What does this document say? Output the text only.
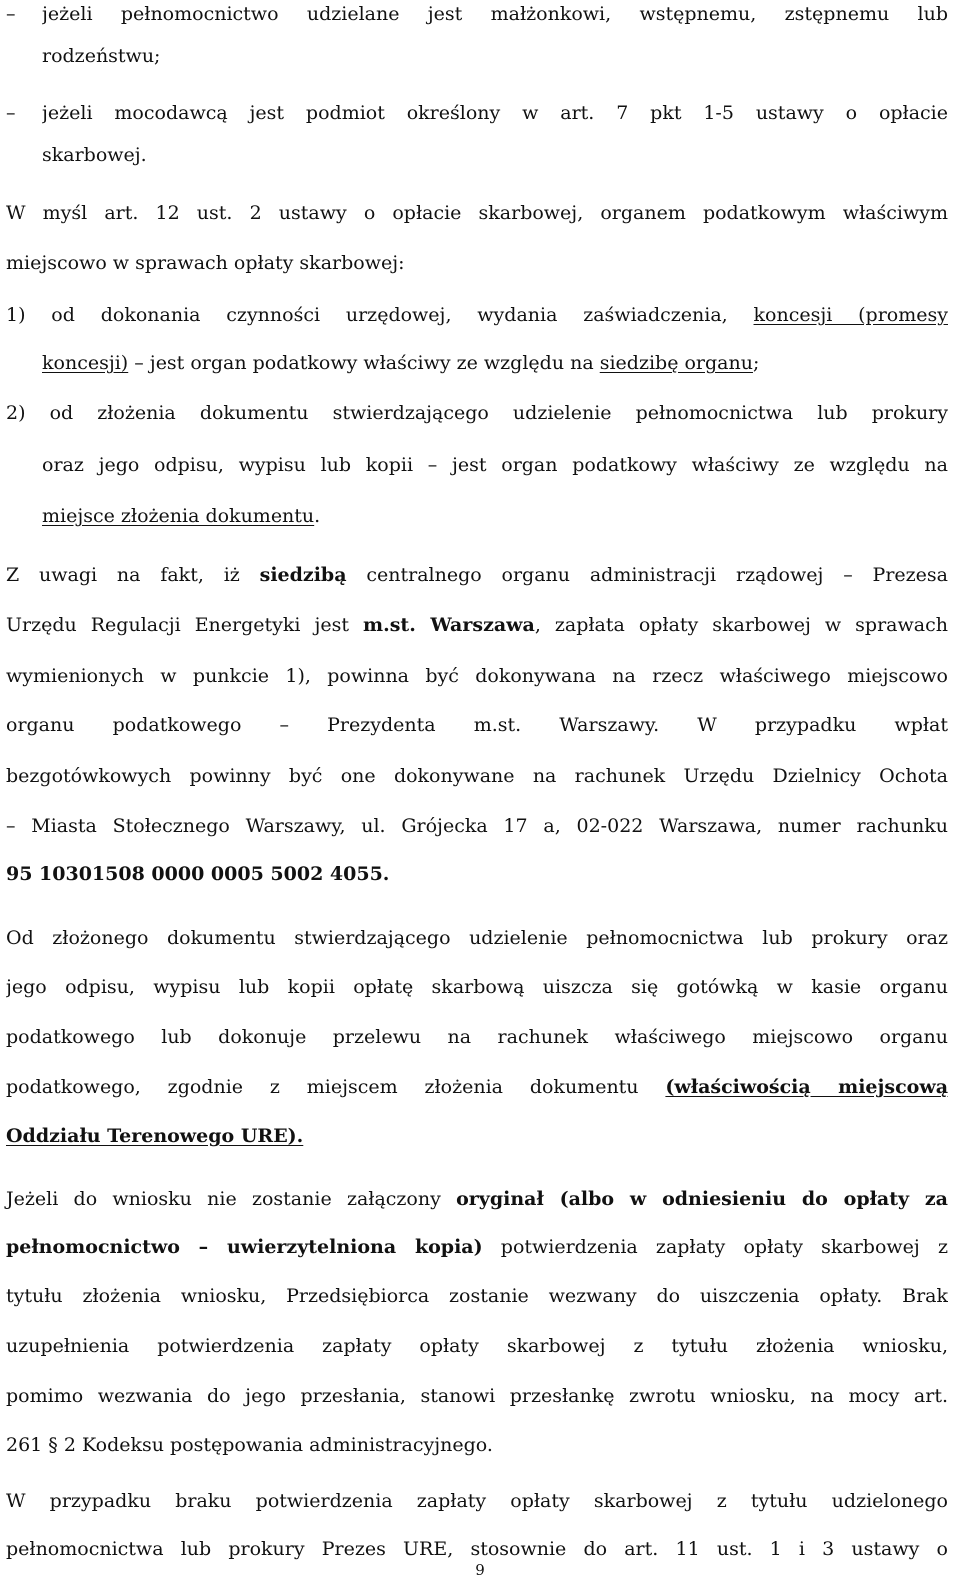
– jeżeli pełnomocnictwo udzielane jest małżonkowi, wstępnemu, zstępnemu lub
rodzeństwu;
– jeżeli mocodawcą jest podmiot określony w art. 7 pkt 1-5 ustawy o opłacie
skarbowej.
W myśl art. 12 ust. 2 ustawy o opłacie skarbowej, organem podatkowym właściwym
miejscowo w sprawach opłaty skarbowej:
1) od dokonania czynności urzędowej, wydania zaświadczenia, koncesji (promesy
koncesji) – jest organ podatkowy właściwy ze względu na siedzibę organu;
2) od złożenia dokumentu stwierdzającego udzielenie pełnomocnictwa lub prokury
oraz jego odpisu, wypisu lub kopii – jest organ podatkowy właściwy ze względu na
miejsce złożenia dokumentu.
Z uwagi na fakt, iż siedzibą centralnego organu administracji rządowej – Prezesa
Urzędu Regulacji Energetyki jest m.st. Warszawa, zapłata opłaty skarbowej w sprawach
wymienionych w punkcie 1), powinna być dokonywana na rzecz właściwego miejscowo
organu podatkowego – Prezydenta m.st. Warszawy. W przypadku wpłat
bezgotówkowych powinny być one dokonywane na rachunek Urzędu Dzielnicy Ochota
– Miasta Stołecznego Warszawy, ul. Grójecka 17 a, 02-022 Warszawa, numer rachunku
95 10301508 0000 0005 5002 4055.
Od złożonego dokumentu stwierdzającego udzielenie pełnomocnictwa lub prokury oraz
jego odpisu, wypisu lub kopii opłatę skarbową uiszcza się gotówką w kasie organu
podatkowego lub dokonuje przelewu na rachunek właściwego miejscowo organu
podatkowego, zgodnie z miejscem złożenia dokumentu (właściwością miejscową
Oddziału Terenowego URE).
Jeżeli do wniosku nie zostanie załączony oryginał (albo w odniesieniu do opłaty za
pełnomocnictwo – uwierzytelniona kopia) potwierdzenia zapłaty opłaty skarbowej z
tytułu złożenia wniosku, Przedsiębiorca zostanie wezwany do uiszczenia opłaty. Brak
uzupełnienia potwierdzenia zapłaty opłaty skarbowej z tytułu złożenia wniosku,
pomimo wezwania do jego przesłania, stanowi przesłankę zwrotu wniosku, na mocy art.
261 § 2 Kodeksu postępowania administracyjnego.
W przypadku braku potwierdzenia zapłaty opłaty skarbowej z tytułu udzielonego
pełnomocnictwa lub prokury Prezes URE, stosownie do art. 11 ust. 1 i 3 ustawy o
9
